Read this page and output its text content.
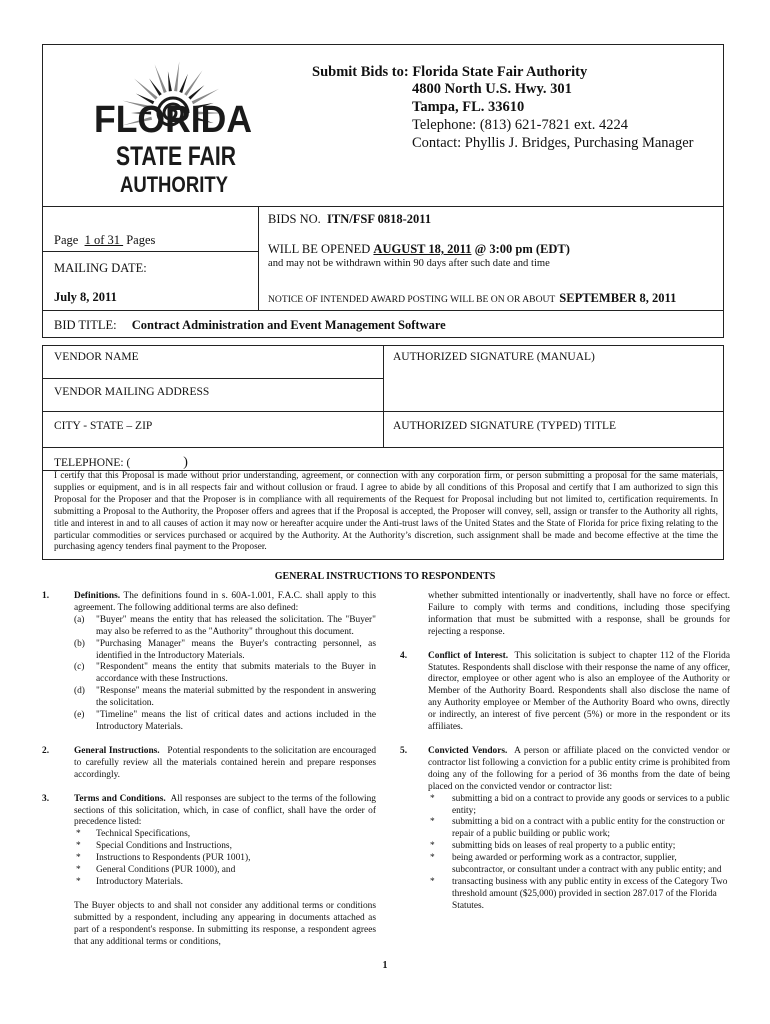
FLORIDA
STATE FAIR
AUTHORITY
Submit Bids to: Florida State Fair Authority
4800 North U.S. Hwy. 301
Tampa, FL. 33610
Telephone: (813) 621-7821 ext. 4224
Contact: Phyllis J. Bridges, Purchasing Manager
Page 1 of 31 Pages
MAILING DATE:
July 8, 2011
BIDS NO. ITN/FSF 0818-2011
WILL BE OPENED AUGUST 18, 2011 @ 3:00 pm (EDT)
and may not be withdrawn within 90 days after such date and time
NOTICE OF INTENDED AWARD POSTING WILL BE ON OR ABOUT SEPTEMBER 8, 2011
BID TITLE: Contract Administration and Event Management Software
VENDOR NAME	AUTHORIZED SIGNATURE (MANUAL)
VENDOR MAILING ADDRESS
CITY - STATE – ZIP	AUTHORIZED SIGNATURE (TYPED) TITLE
TELEPHONE: (	)
I certify that this Proposal is made without prior understanding, agreement, or connection with any corporation firm, or person submitting a proposal for the same materials, supplies or equipment, and is in all respects fair and without collusion or fraud. I agree to abide by all conditions of this Proposal and certify that I am authorized to sign this Proposal for the Proposer and that the Proposer is in compliance with all requirements of the Request for Proposal including but not limited to, certification requirements. In submitting a Proposal to the Authority, the Proposer offers and agrees that if the Proposal is accepted, the Proposer will convey, sell, assign or transfer to the Authority all rights, title and interest in and to all causes of action it may now or hereafter acquire under the Anti-trust laws of the United States and the State of Florida for price fixing relating to the particular commodities or services purchased or acquired by the Authority. At the Authority’s discretion, such assignment shall be made and become effective at the time the purchasing agency tenders final payment to the Proposer.
GENERAL INSTRUCTIONS TO RESPONDENTS
1.	Definitions. The definitions found in s. 60A-1.001, F.A.C. shall apply to this agreement. The following additional terms are also defined:

(a) "Buyer" means the entity that has released the solicitation. The "Buyer" may also be referred to as the "Authority" throughout this document.
(b) "Purchasing Manager" means the Buyer's contracting personnel, as identified in the Introductory Materials.
(c) "Respondent" means the entity that submits materials to the Buyer in accordance with these Instructions.
(d) "Response" means the material submitted by the respondent in answering the solicitation.
(e) "Timeline" means the list of critical dates and actions included in the Introductory Materials.
2.	General Instructions. Potential respondents to the solicitation are encouraged to carefully review all the materials contained herein and prepare responses accordingly.

3.	Terms and Conditions. All responses are subject to the terms of the following sections of this solicitation, which, in case of conflict, shall have the order of precedence listed:

* Technical Specifications,
* Special Conditions and Instructions,
* Instructions to Respondents (PUR 1001),
* General Conditions (PUR 1000), and
* Introductory Materials.

The Buyer objects to and shall not consider any additional terms or conditions submitted by a respondent, including any appearing in documents attached as part of a respondent's response. In submitting its response, a respondent agrees that any additional terms or conditions,

whether submitted intentionally or inadvertently, shall have no force or effect. Failure to comply with terms and conditions, including those specifying information that must be submitted with a response, shall be grounds for rejecting a response.

4. Conflict of Interest. This solicitation is subject to chapter 112 of the Florida Statutes. Respondents shall disclose with their response the name of any officer, director, employee or other agent who is also an employee of the Authority or Member of the Authority Board. Respondents shall also disclose the name of any Authority employee or Member of the Authority Board who owns, directly or indirectly, an interest of five percent (5%) or more in the respondent or its affiliates.

5. Convicted Vendors. A person or affiliate placed on the convicted vendor or contractor list following a conviction for a public entity crime is prohibited from doing any of the following for a period of 36 months from the date of being placed on the convicted vendor or contractor list:

* submitting a bid on a contract to provide any goods or services to a public entity;
* submitting a bid on a contract with a public entity for the construction or repair of a public building or public work;
* submitting bids on leases of real property to a public entity;
* being awarded or performing work as a contractor, supplier, subcontractor, or consultant under a contract with any public entity; and
* transacting business with any public entity in excess of the Category Two threshold amount ($25,000) provided in section 287.017 of the Florida Statutes.
1
